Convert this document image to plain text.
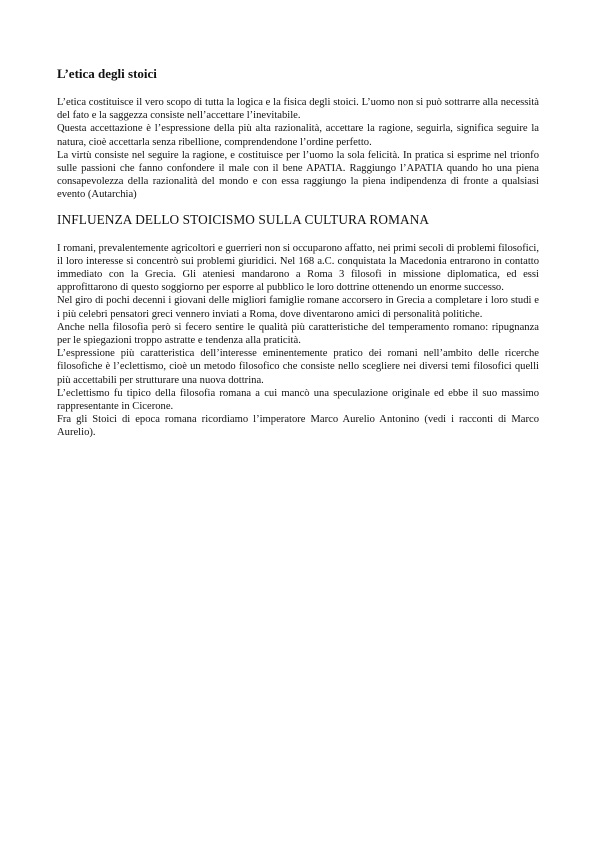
L’etica degli stoici

L’etica costituisce il vero scopo di tutta la logica e la fisica degli stoici. L’uomo non si può sottrarre alla necessità del fato e la saggezza consiste nell’accettare l’inevitabile.

Questa accettazione è l’espressione della più alta razionalità, accettare la ragione, seguirla, significa seguire la natura, cioè accettarla senza ribellione, comprendendone l’ordine perfetto.

La virtù consiste nel seguire la ragione, e costituisce per l’uomo la sola felicità. In pratica si esprime nel trionfo sulle passioni che fanno confondere il male con il bene APATIA. Raggiungo l’APATIA quando ho una piena consapevolezza della razionalità del mondo e con essa raggiungo la piena indipendenza di fronte a qualsiasi evento (Autarchia)

INFLUENZA DELLO STOICISMO SULLA CULTURA ROMANA

I romani, prevalentemente agricoltori e guerrieri non si occuparono affatto, nei primi secoli di problemi filosofici, il loro interesse si concentrò sui problemi giuridici. Nel 168 a.C. conquistata la Macedonia entrarono in contatto immediato con la Grecia. Gli ateniesi mandarono a Roma 3 filosofi in missione diplomatica, ed essi approfittarono di questo soggiorno per esporre al pubblico le loro dottrine ottenendo un enorme successo.

Nel giro di pochi decenni i giovani delle migliori famiglie romane accorsero in Grecia a completare i loro studi e i più celebri pensatori greci vennero inviati a Roma, dove diventarono amici di personalità politiche.

Anche nella filosofia però si fecero sentire le qualità più caratteristiche del temperamento romano: ripugnanza per le spiegazioni troppo astratte e tendenza alla praticità.

L’espressione più caratteristica dell’interesse eminentemente pratico dei romani nell’ambito delle ricerche filosofiche è l’eclettismo, cioè un metodo filosofico che consiste nello scegliere nei diversi temi filosofici quelli più accettabili per strutturare una nuova dottrina.

L’eclettismo fu tipico della filosofia romana a cui mancò una speculazione originale ed ebbe il suo massimo rappresentante in Cicerone.

Fra gli Stoici di epoca romana ricordiamo l’imperatore Marco Aurelio Antonino (vedi i racconti di Marco Aurelio).
